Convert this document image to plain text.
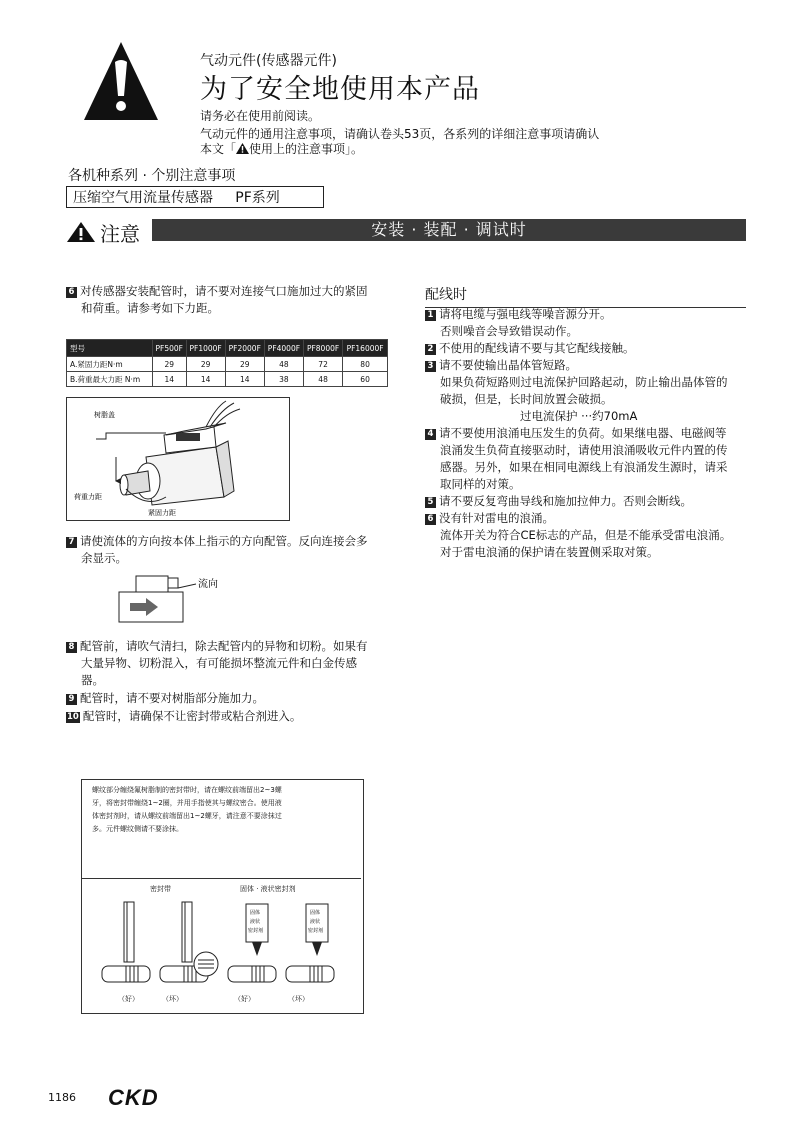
气动元件(传感器元件)
为了安全地使用本产品
请务必在使用前阅读。
气动元件的通用注意事项，请确认卷头53页，各系列的详细注意事项请确认
本文「 使用上的注意事项」。
各机种系列 · 个别注意事项
压缩空气用流量传感器     PF系列
注意	安装 · 装配 · 调试时
6 对传感器安装配管时，请不要对连接气口施加过大的紧固
和荷重。请参考如下力距。
型号	PF500F	PF1000F	PF2000F	PF4000F	PF8000F	PF16000F
A.紧固力距N·m	29	29	29	48	72	80
B.荷重最大力距 N·m	14	14	14	38	48	60
树脂盖
荷重力距
紧固力距
7 请使流体的方向按本体上指示的方向配管。反向连接会多
余显示。
流向
8 配管前，请吹气清扫，除去配管内的异物和切粉。如果有
大量异物、切粉混入，有可能损坏整流元件和白金传感
器。
9 配管时，请不要对树脂部分施加力。
10 配管时，请确保不让密封带或粘合剂进入。
配线时
1 请将电缆与强电线等噪音源分开。
否则噪音会导致错误动作。
2 不使用的配线请不要与其它配线接触。
3 请不要使输出晶体管短路。
如果负荷短路则过电流保护回路起动，防止输出晶体管的
破损，但是，长时间放置会破损。
过电流保护 ···约70mA
4 请不要使用浪涌电压发生的负荷。如果继电器、电磁阀等
浪涌发生负荷直接驱动时，请使用浪涌吸收元件内置的传
感器。另外，如果在相同电源线上有浪涌发生源时，请采
取同样的对策。
5 请不要反复弯曲导线和施加拉伸力。否则会断线。
6 没有针对雷电的浪涌。
流体开关为符合CE标志的产品，但是不能承受雷电浪涌。
对于雷电浪涌的保护请在装置侧采取对策。
螺纹部分缠绕氟树脂制的密封带时，请在螺纹前端留出2~3螺
牙，将密封带缠绕1~2圈，并用手指使其与螺纹密合。使用液
体密封剂时，请从螺纹前端留出1~2螺牙，请注意不要涂抹过
多。元件螺纹侧请不要涂抹。
密封带	固体 · 液状密封剂
固体
液状
密封剂
固体
液状
密封剂
（好）	（坏）	（好）	（坏）
1186 CKD
